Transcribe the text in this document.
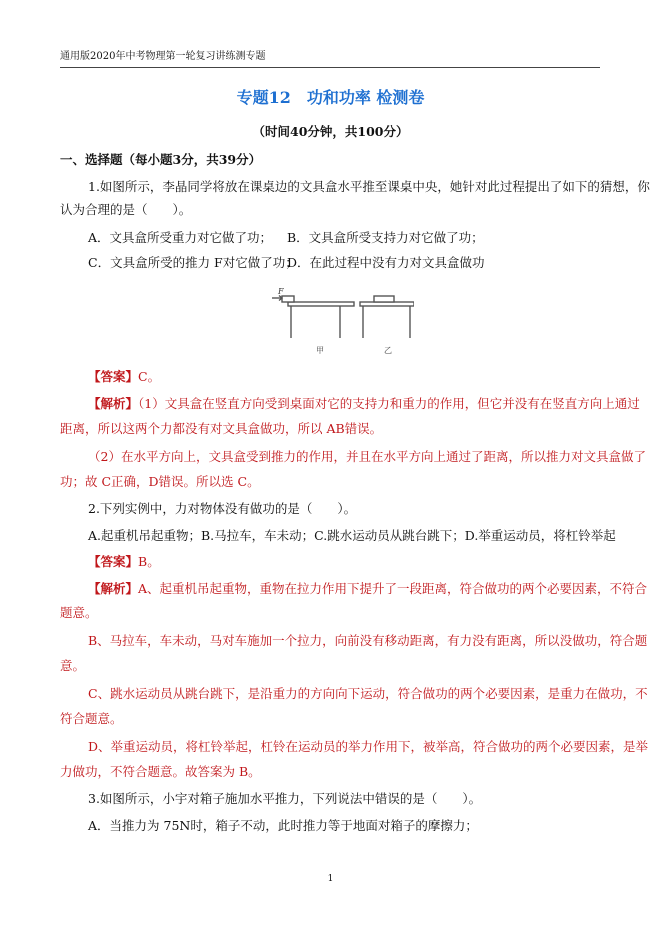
通用版2020年中考物理第一轮复习讲练测专题
专题12　功和功率 检测卷
（时间40分钟，共100分）
一、选择题（每小题3分，共39分）
1.如图所示，李晶同学将放在课桌边的文具盒水平推至课桌中央，她针对此过程提出了如下的猜想，你
认为合理的是（　　）。
A．文具盒所受重力对它做了功；	B．文具盒所受支持力对它做了功；
C．文具盒所受的推力 F对它做了功；
D．在此过程中没有力对文具盒做功
F
甲	乙
【答案】C。
【解析】（1）文具盒在竖直方向受到桌面对它的支持力和重力的作用，但它并没有在竖直方向上通过
距离，所以这两个力都没有对文具盒做功，所以 AB错误。
（2）在水平方向上，文具盒受到推力的作用，并且在水平方向上通过了距离，所以推力对文具盒做了
功；故 C正确，D错误。所以选 C。
2.下列实例中，力对物体没有做功的是（　　）。
A.起重机吊起重物；B.马拉车，车未动；C.跳水运动员从跳台跳下；D.举重运动员，将杠铃举起
【答案】B。
【解析】A、起重机吊起重物，重物在拉力作用下提升了一段距离，符合做功的两个必要因素，不符合
题意。
B、马拉车，车未动，马对车施加一个拉力，向前没有移动距离，有力没有距离，所以没做功，符合题
意。
C、跳水运动员从跳台跳下，是沿重力的方向向下运动，符合做功的两个必要因素，是重力在做功，不
符合题意。
D、举重运动员，将杠铃举起，杠铃在运动员的举力作用下，被举高，符合做功的两个必要因素，是举
力做功，不符合题意。故答案为 B。
3.如图所示，小宇对箱子施加水平推力，下列说法中错误的是（　　）。
A．当推力为 75N时，箱子不动，此时推力等于地面对箱子的摩擦力；
1
